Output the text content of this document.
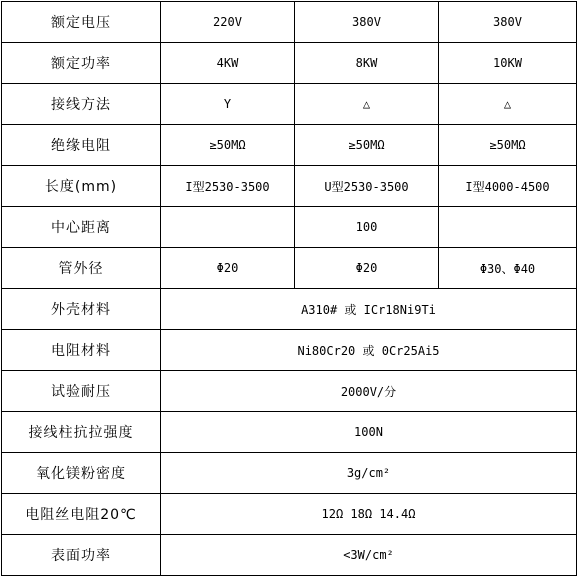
额定电压	220V	380V	380V
额定功率	4KW	8KW	10KW
接线方法	Y	△	△
绝缘电阻	≥50MΩ	≥50MΩ	≥50MΩ
长度(mm)	I型2530-3500	U型2530-3500	I型4000-4500
中心距离		100	
管外径	Φ20	Φ20	Φ30、Φ40
外壳材料	A310# 或 ICr18Ni9Ti		
电阻材料	Ni80Cr20 或 0Cr25Ai5		
试验耐压	2000V/分		
接线柱抗拉强度	100N		
氧化镁粉密度	3g/cm²		
电阻丝电阻20℃	12Ω 18Ω 14.4Ω		
表面功率	<3W/cm²		
